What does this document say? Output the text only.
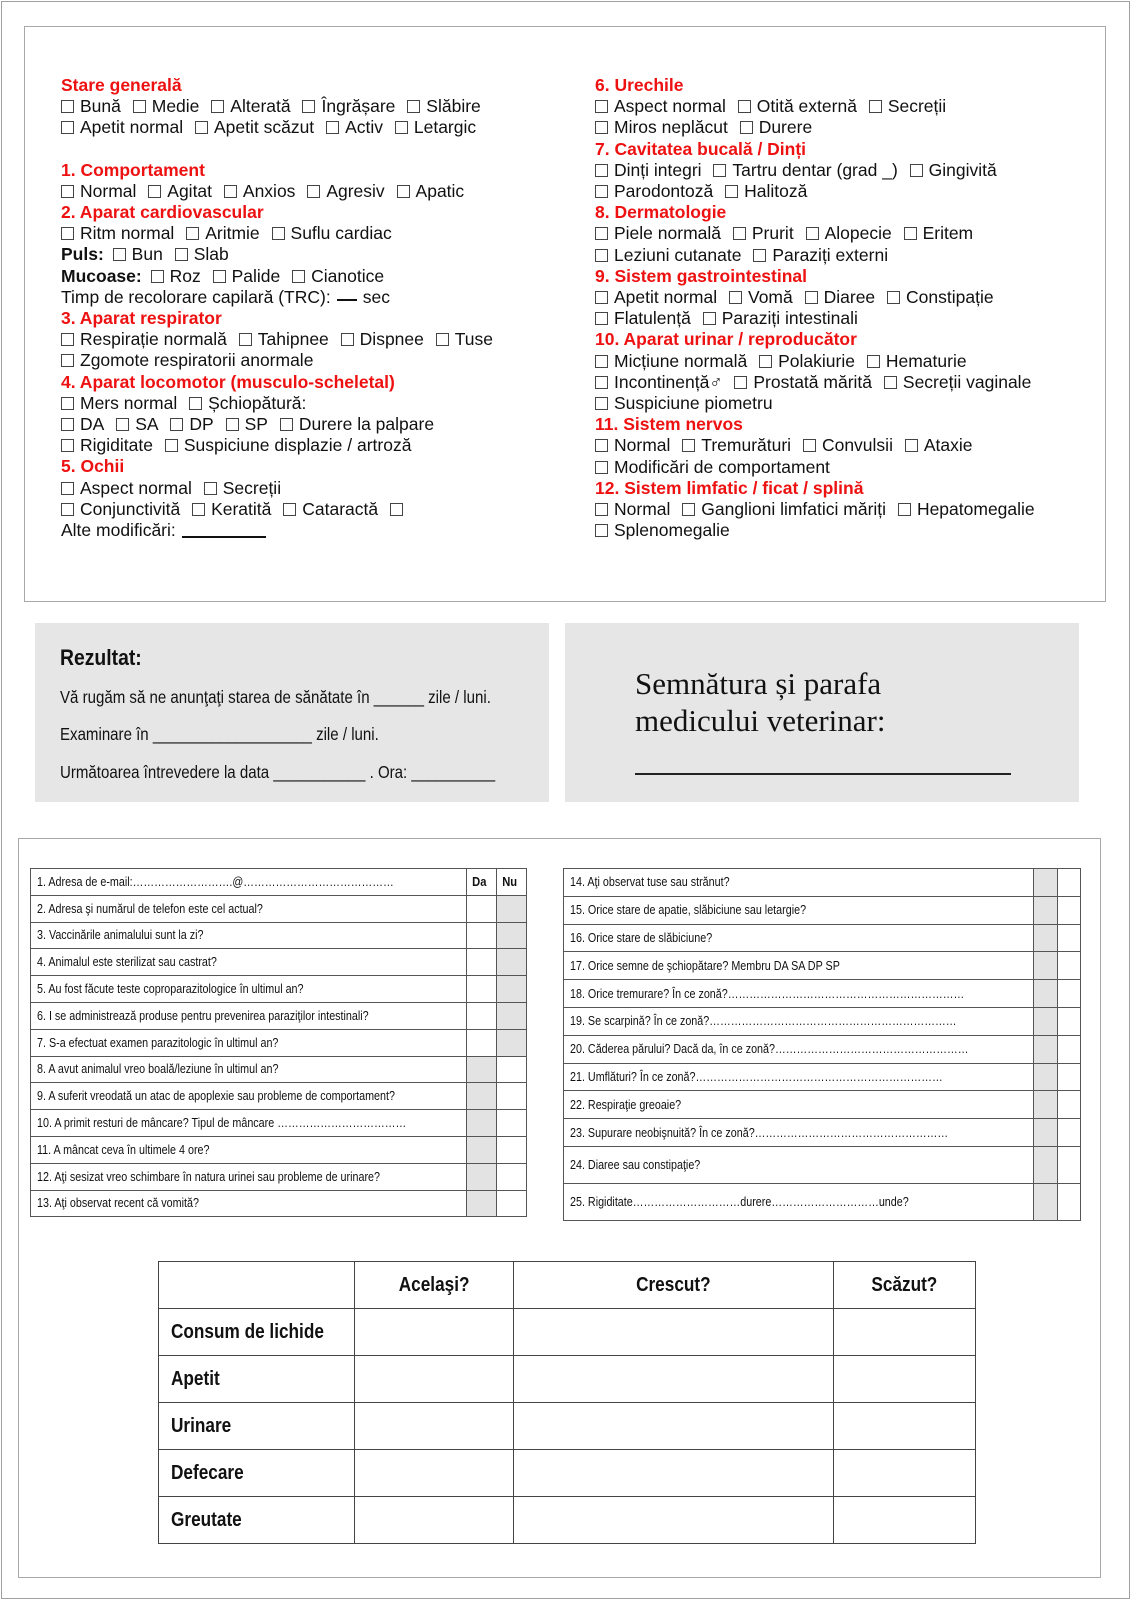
Stare generală
Bună Medie Alterată Îngrășare Slăbire
Apetit normal Apetit scăzut Activ Letargic
1. Comportament
Normal Agitat Anxios Agresiv Apatic
2. Aparat cardiovascular
Ritm normal Aritmie Suflu cardiac
Puls: Bun Slab
Mucoase: Roz Palide Cianotice
Timp de recolorare capilară (TRC): sec
3. Aparat respirator
Respirație normală Tahipnee Dispnee Tuse
Zgomote respiratorii anormale
4. Aparat locomotor (musculo-scheletal)
Mers normal Șchiopătură:
DA SA DP SP Durere la palpare
Rigiditate Suspiciune displazie / artroză
5. Ochii
Aspect normal Secreții
Conjunctivită Keratită Cataractă
Alte modificări:
6. Urechile
Aspect normal Otită externă Secreții
Miros neplăcut Durere
7. Cavitatea bucală / Dinți
Dinți integri Tartru dentar (grad _) Gingivită
Parodontoză Halitoză
8. Dermatologie
Piele normală Prurit Alopecie Eritem
Leziuni cutanate Paraziți externi
9. Sistem gastrointestinal
Apetit normal Vomă Diaree Constipație
Flatulență Paraziți intestinali
10. Aparat urinar / reproducător
Micțiune normală Polakiurie Hematurie
Incontinență♂ Prostată mărită Secreții vaginale
Suspiciune piometru
11. Sistem nervos
Normal Tremurături Convulsii Ataxie
Modificări de comportament
12. Sistem limfatic / ficat / splină
Normal Ganglioni limfatici măriți Hepatomegalie
Splenomegalie
Rezultat:
Vă rugăm să ne anunţaţi starea de sănătate în ______ zile / luni.
Examinare în ___________________ zile / luni.
Următoarea întrevedere la data ___________ . Ora: __________
Semnătura și parafa
medicului veterinar:
1. Adresa de e-mail:……………………….@……………………………………	Da	Nu
2. Adresa şi numărul de telefon este cel actual?		
3. Vaccinările animalului sunt la zi?		
4. Animalul este sterilizat sau castrat?		
5. Au fost făcute teste coproparazitologice în ultimul an?		
6. I se administrează produse pentru prevenirea paraziţilor intestinali?		
7. S-a efectuat examen parazitologic în ultimul an?		
8. A avut animalul vreo boală/leziune în ultimul an?		
9. A suferit vreodată un atac de apoplexie sau probleme de comportament?		
10. A primit resturi de mâncare? Tipul de mâncare ………………………………		
11. A mâncat ceva în ultimele 4 ore?		
12. Aţi sesizat vreo schimbare în natura urinei sau probleme de urinare?		
13. Aţi observat recent că vomită?		
14. Aţi observat tuse sau strănut?		
15. Orice stare de apatie, slăbiciune sau letargie?		
16. Orice stare de slăbiciune?		
17. Orice semne de şchiopătare? Membru DA SA DP SP		
18. Orice tremurare? În ce zonă?…………………………………………………………		
19. Se scarpină? În ce zonă?……………………………………………………………		
20. Căderea părului? Dacă da, în ce zonă?………………………………………………		
21. Umflături? În ce zonă?……………………………………………………………		
22. Respiraţie greoaie?		
23. Supurare neobişnuită? În ce zonă?………………………………………………		
24. Diaree sau constipaţie?		
25. Rigiditate…………………………durere…………………………unde?		
	Acelaşi?	Crescut?	Scăzut?
Consum de lichide			
Apetit			
Urinare			
Defecare			
Greutate			
